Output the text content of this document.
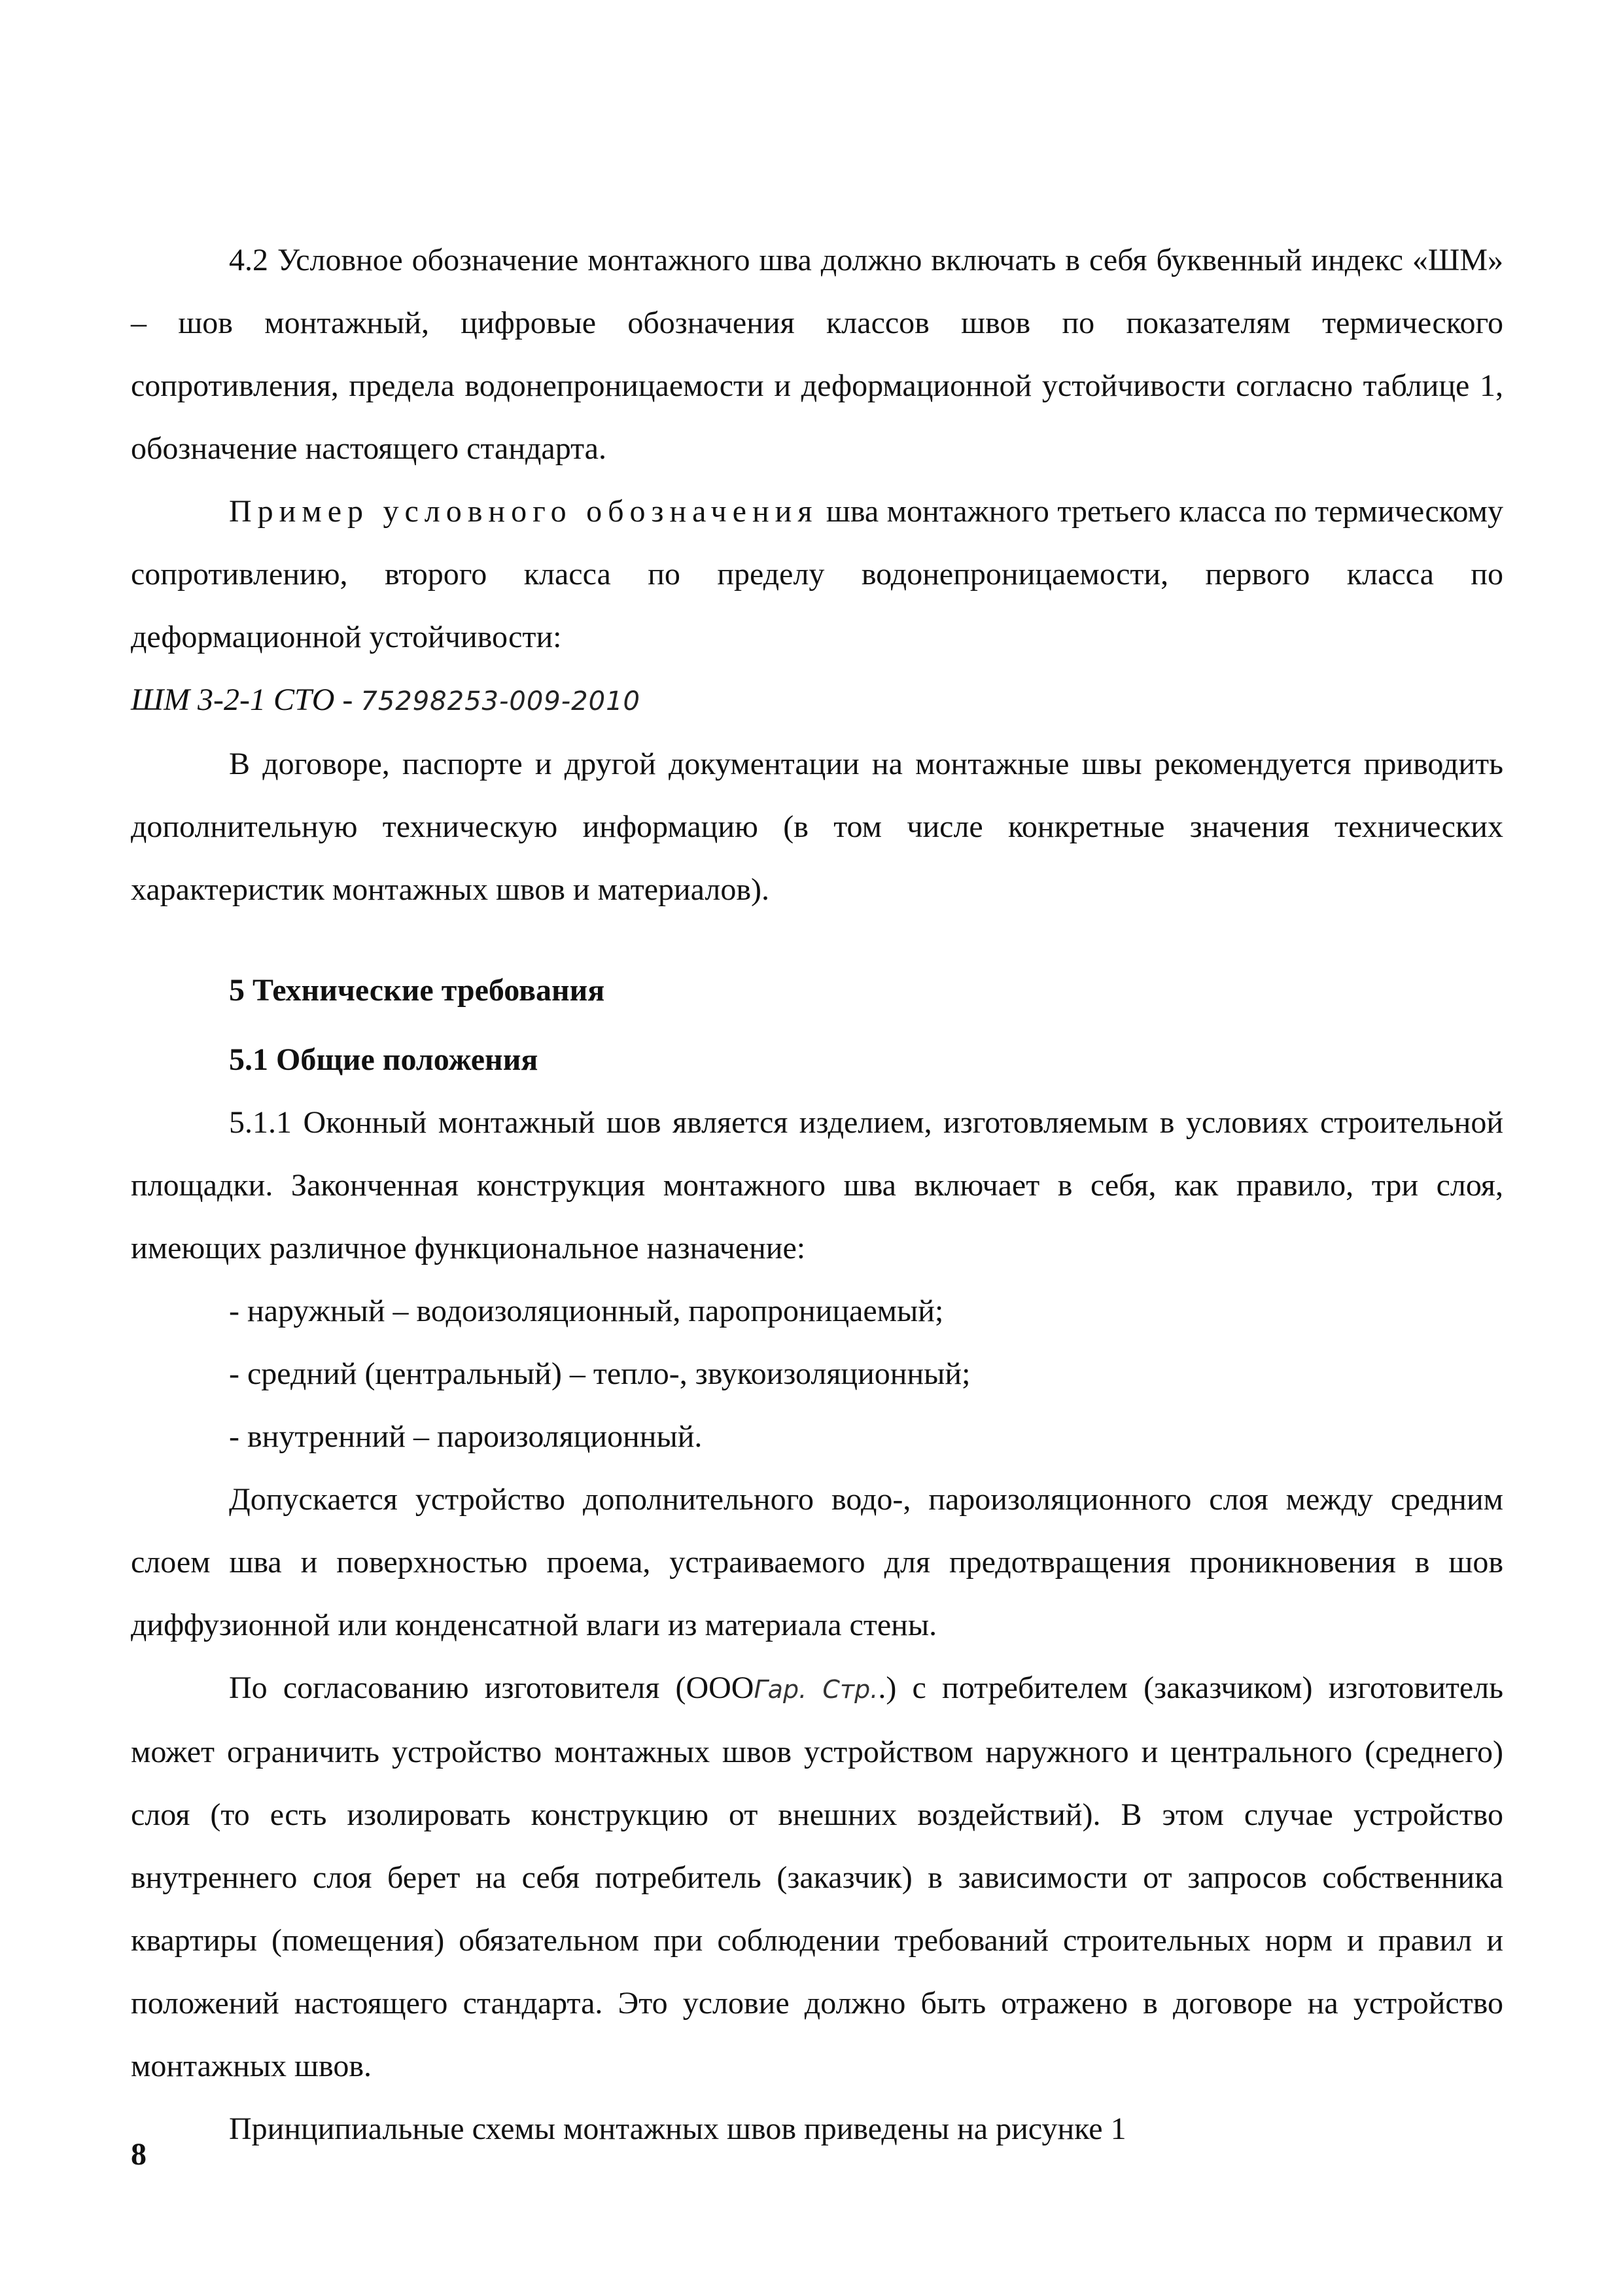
4.2 Условное обозначение монтажного шва должно включать в себя буквенный индекс «ШМ» – шов монтажный, цифровые обозначения классов швов по показателям термического сопротивления, предела водонепроницаемости и деформационной устойчивости согласно таблице 1, обозначение настоящего стандарта.

Пример условного обозначения шва монтажного третьего класса по термическому сопротивлению, второго класса по пределу водонепроницаемости, первого класса по деформационной устойчивости:

ШМ 3-2-1 СТО - 75298253-009-2010

В договоре, паспорте и другой документации на монтажные швы рекомендуется приводить дополнительную техническую информацию (в том числе конкретные значения технических характеристик монтажных швов и материалов).

5 Технические требования

5.1 Общие положения

5.1.1 Оконный монтажный шов является изделием, изготовляемым в условиях строительной площадки. Законченная конструкция монтажного шва включает в себя, как правило, три слоя, имеющих различное функциональное назначение:

- наружный – водоизоляционный, паропроницаемый;

- средний (центральный) – тепло-, звукоизоляционный;

- внутренний – пароизоляционный.

Допускается устройство дополнительного водо-, пароизоляционного слоя между средним слоем шва и поверхностью проема, устраиваемого для предотвращения проникновения в шов диффузионной или конденсатной влаги из материала стены.

По согласованию изготовителя (ОООГар. Стр..) с потребителем (заказчиком) изготовитель может ограничить устройство монтажных швов устройством наружного и центрального (среднего) слоя (то есть изолировать конструкцию от внешних воздействий). В этом случае устройство внутреннего слоя берет на себя потребитель (заказчик) в зависимости от запросов собственника квартиры (помещения) обязательном при соблюдении требований строительных норм и правил и положений настоящего стандарта. Это условие должно быть отражено в договоре на устройство монтажных швов.

Принципиальные схемы монтажных швов приведены на рисунке 1

8
